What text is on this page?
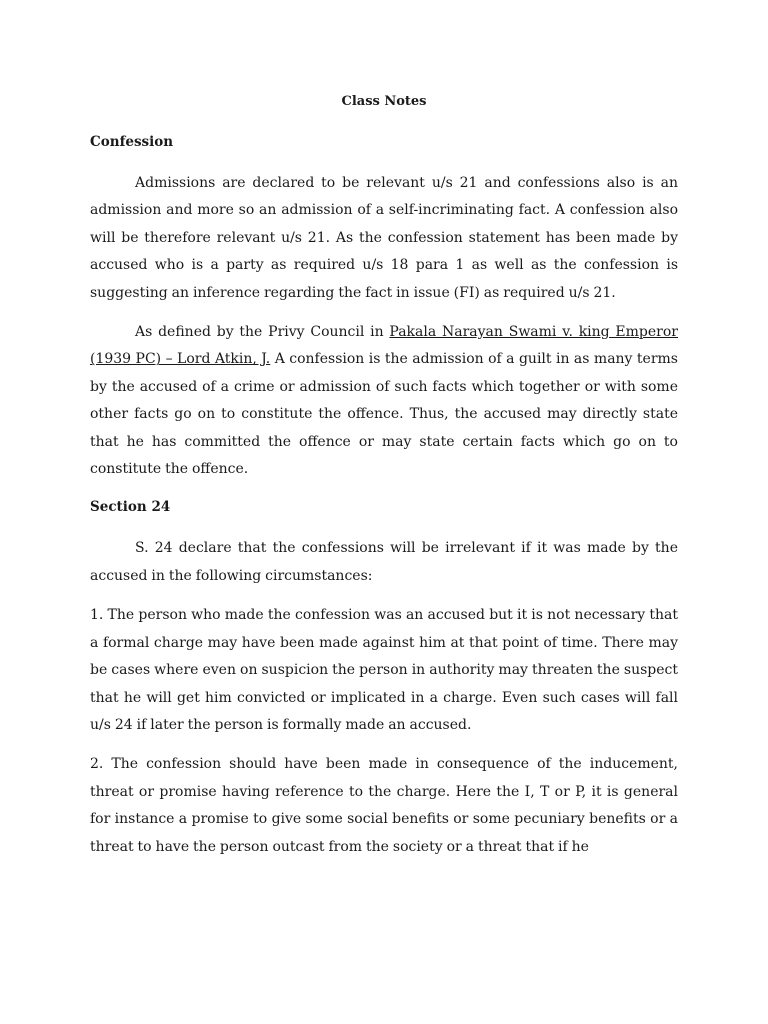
Class Notes
Confession

Admissions are declared to be relevant u/s 21 and confessions also is an admission and more so an admission of a self-incriminating fact. A confession also will be therefore relevant u/s 21. As the confession statement has been made by accused who is a party as required u/s 18 para 1 as well as the confession is suggesting an inference regarding the fact in issue (FI) as required u/s 21.

As defined by the Privy Council in Pakala Narayan Swami v. king Emperor (1939 PC) – Lord Atkin, J. A confession is the admission of a guilt in as many terms by the accused of a crime or admission of such facts which together or with some other facts go on to constitute the offence. Thus, the accused may directly state that he has committed the offence or may state certain facts which go on to constitute the offence.

Section 24

S. 24 declare that the confessions will be irrelevant if it was made by the accused in the following circumstances:

1. The person who made the confession was an accused but it is not necessary that a formal charge may have been made against him at that point of time. There may be cases where even on suspicion the person in authority may threaten the suspect that he will get him convicted or implicated in a charge. Even such cases will fall u/s 24 if later the person is formally made an accused.

2. The confession should have been made in consequence of the inducement, threat or promise having reference to the charge. Here the I, T or P, it is general for instance a promise to give some social benefits or some pecuniary benefits or a threat to have the person outcast from the society or a threat that if he
